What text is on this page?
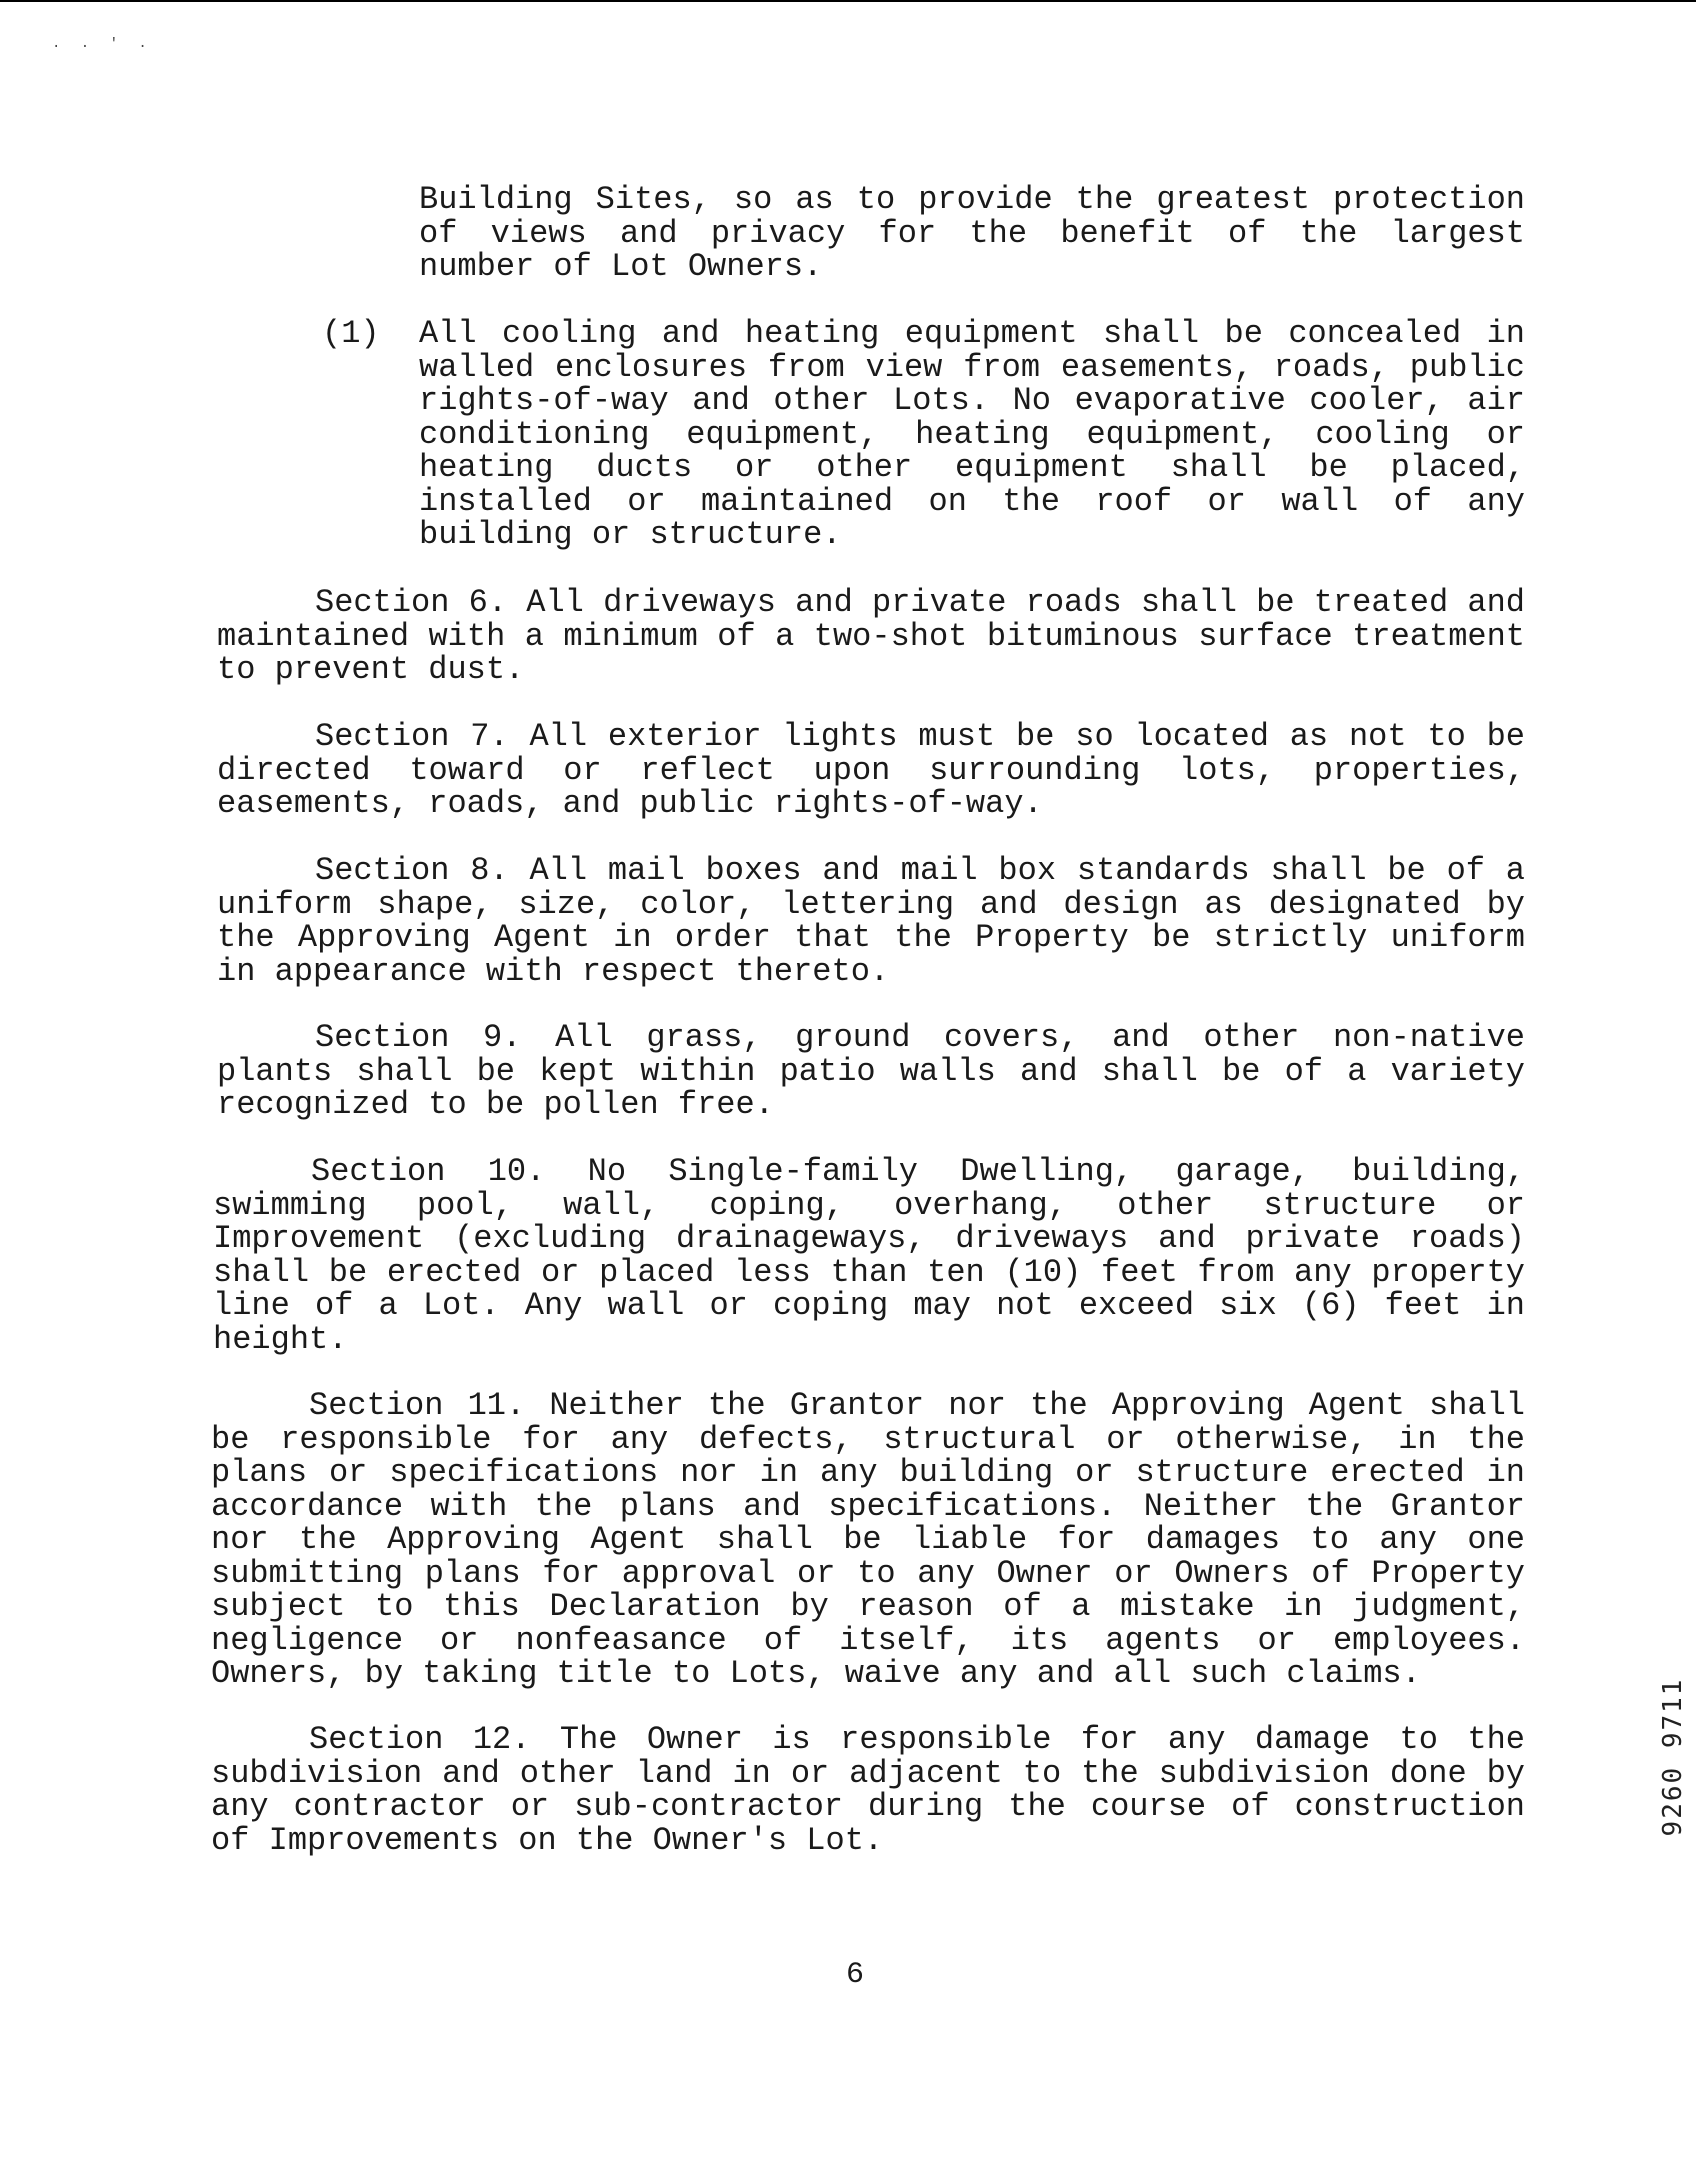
. . ' .

Building Sites, so as to provide the greatest protection of views and privacy for the benefit of the largest number of Lot Owners.

(1) All cooling and heating equipment shall be concealed in walled enclosures from view from easements, roads, public rights-of-way and other Lots. No evaporative cooler, air conditioning equipment, heating equipment, cooling or heating ducts or other equipment shall be placed, installed or maintained on the roof or wall of any building or structure.

Section 6. All driveways and private roads shall be treated and maintained with a minimum of a two-shot bituminous surface treatment to prevent dust.

Section 7. All exterior lights must be so located as not to be directed toward or reflect upon surrounding lots, properties, easements, roads, and public rights-of-way.

Section 8. All mail boxes and mail box standards shall be of a uniform shape, size, color, lettering and design as designated by the Approving Agent in order that the Property be strictly uniform in appearance with respect thereto.

Section 9. All grass, ground covers, and other non-native plants shall be kept within patio walls and shall be of a variety recognized to be pollen free.

Section 10. No Single-family Dwelling, garage, building, swimming pool, wall, coping, overhang, other structure or Improvement (excluding drainageways, driveways and private roads) shall be erected or placed less than ten (10) feet from any property line of a Lot. Any wall or coping may not exceed six (6) feet in height.

Section 11. Neither the Grantor nor the Approving Agent shall be responsible for any defects, structural or otherwise, in the plans or specifications nor in any building or structure erected in accordance with the plans and specifications. Neither the Grantor nor the Approving Agent shall be liable for damages to any one submitting plans for approval or to any Owner or Owners of Property subject to this Declaration by reason of a mistake in judgment, negligence or nonfeasance of itself, its agents or employees. Owners, by taking title to Lots, waive any and all such claims.

Section 12. The Owner is responsible for any damage to the subdivision and other land in or adjacent to the subdivision done by any contractor or sub-contractor during the course of construction of Improvements on the Owner's Lot.

6
9260 9711
